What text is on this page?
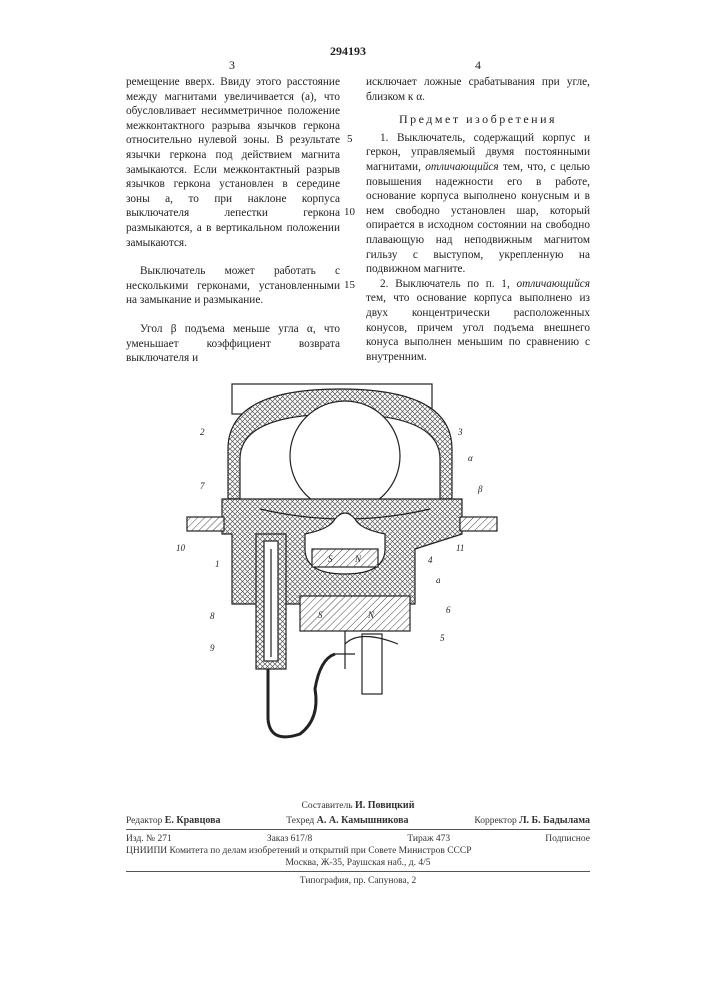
294193
3	4

ремещение вверх. Ввиду этого расстояние между магнитами увеличивается (а), что обусловливает несимметричное положение межконтактного разрыва язычков геркона относительно нулевой зоны. В результате язычки геркона под действием магнита замыкаются. Если межконтактный разрыв язычков геркона установлен в середине зоны а, то при наклоне корпуса выключателя лепестки геркона размыкаются, а в вертикальном положении замыкаются.

Выключатель может работать с несколькими герконами, установленными на замыкание и размыкание.

Угол β подъема меньше угла α, что уменьшает коэффициент возврата выключателя и

5
10
15

исключает ложные срабатывания при угле, близком к α.

Предмет изобретения

1. Выключатель, содержащий корпус и геркон, управляемый двумя постоянными магнитами, отличающийся тем, что, с целью повышения надежности его в работе, основание корпуса выполнено конусным и в нем свободно установлен шар, который опирается в исходном состоянии на свободно плавающую над неподвижным магнитом гильзу с выступом, укрепленную на подвижном магните.

2. Выключатель по п. 1, отличающийся тем, что основание корпуса выполнено из двух концентрически расположенных конусов, причем угол подъема внешнего конуса выполнен меньшим по сравнению с внутренним.

2	3
α
β
7
10	11
1	4
a
6
5
8
9
S	N
S	N
Составитель И. Повицкий
Редактор Е. Кравцова	Техред А. А. Камышникова	Корректор Л. Б. Бадылама
Изд. № 271	Заказ 617/8	Тираж 473	Подписное
ЦНИИПИ Комитета по делам изобретений и открытий при Совете Министров СССР
Москва, Ж-35, Раушская наб., д. 4/5
Типография, пр. Сапунова, 2
